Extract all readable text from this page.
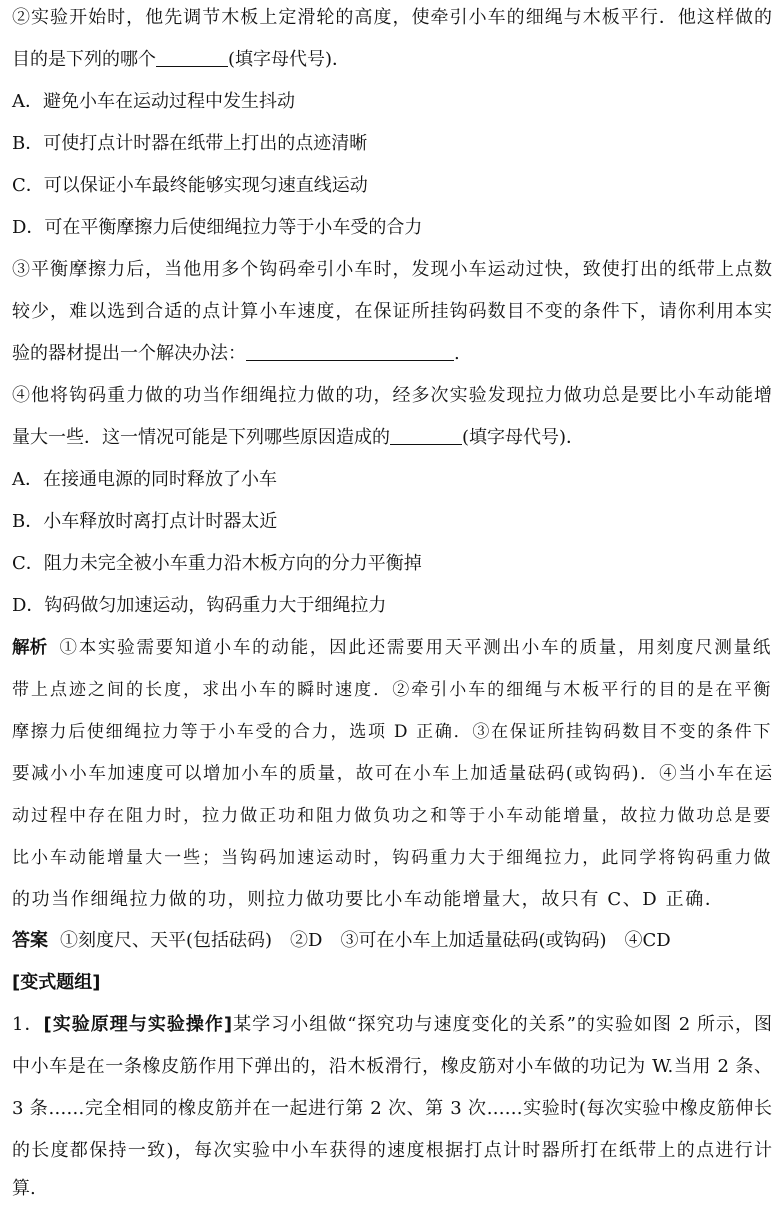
②实验开始时，他先调节木板上定滑轮的高度，使牵引小车的细绳与木板平行．他这样做的
目的是下列的哪个	(填字母代号)．
A．避免小车在运动过程中发生抖动
B．可使打点计时器在纸带上打出的点迹清晰
C．可以保证小车最终能够实现匀速直线运动
D．可在平衡摩擦力后使细绳拉力等于小车受的合力
③平衡摩擦力后，当他用多个钩码牵引小车时，发现小车运动过快，致使打出的纸带上点数
较少，难以选到合适的点计算小车速度，在保证所挂钩码数目不变的条件下，请你利用本实
验的器材提出一个解决办法：	.
④他将钩码重力做的功当作细绳拉力做的功，经多次实验发现拉力做功总是要比小车动能增
量大一些．这一情况可能是下列哪些原因造成的	(填字母代号)．
A．在接通电源的同时释放了小车
B．小车释放时离打点计时器太近
C．阻力未完全被小车重力沿木板方向的分力平衡掉
D．钩码做匀加速运动，钩码重力大于细绳拉力
解析 ①本实验需要知道小车的动能，因此还需要用天平测出小车的质量，用刻度尺测量纸
带上点迹之间的长度，求出小车的瞬时速度．②牵引小车的细绳与木板平行的目的是在平衡
摩擦力后使细绳拉力等于小车受的合力，选项 D 正确．③在保证所挂钩码数目不变的条件下
要减小小车加速度可以增加小车的质量，故可在小车上加适量砝码(或钩码)．④当小车在运
动过程中存在阻力时，拉力做正功和阻力做负功之和等于小车动能增量，故拉力做功总是要
比小车动能增量大一些；当钩码加速运动时，钩码重力大于细绳拉力，此同学将钩码重力做
的功当作细绳拉力做的功，则拉力做功要比小车动能增量大，故只有 C、D 正确．
答案 ①刻度尺、天平(包括砝码)　②D　③可在小车上加适量砝码(或钩码)　④CD
[变式题组]
1．[实验原理与实验操作]某学习小组做“探究功与速度变化的关系”的实验如图 2 所示，图
中小车是在一条橡皮筋作用下弹出的，沿木板滑行，橡皮筋对小车做的功记为 W.当用 2 条、
3 条……完全相同的橡皮筋并在一起进行第 2 次、第 3 次……实验时(每次实验中橡皮筋伸长
的长度都保持一致)，每次实验中小车获得的速度根据打点计时器所打在纸带上的点进行计
算.
